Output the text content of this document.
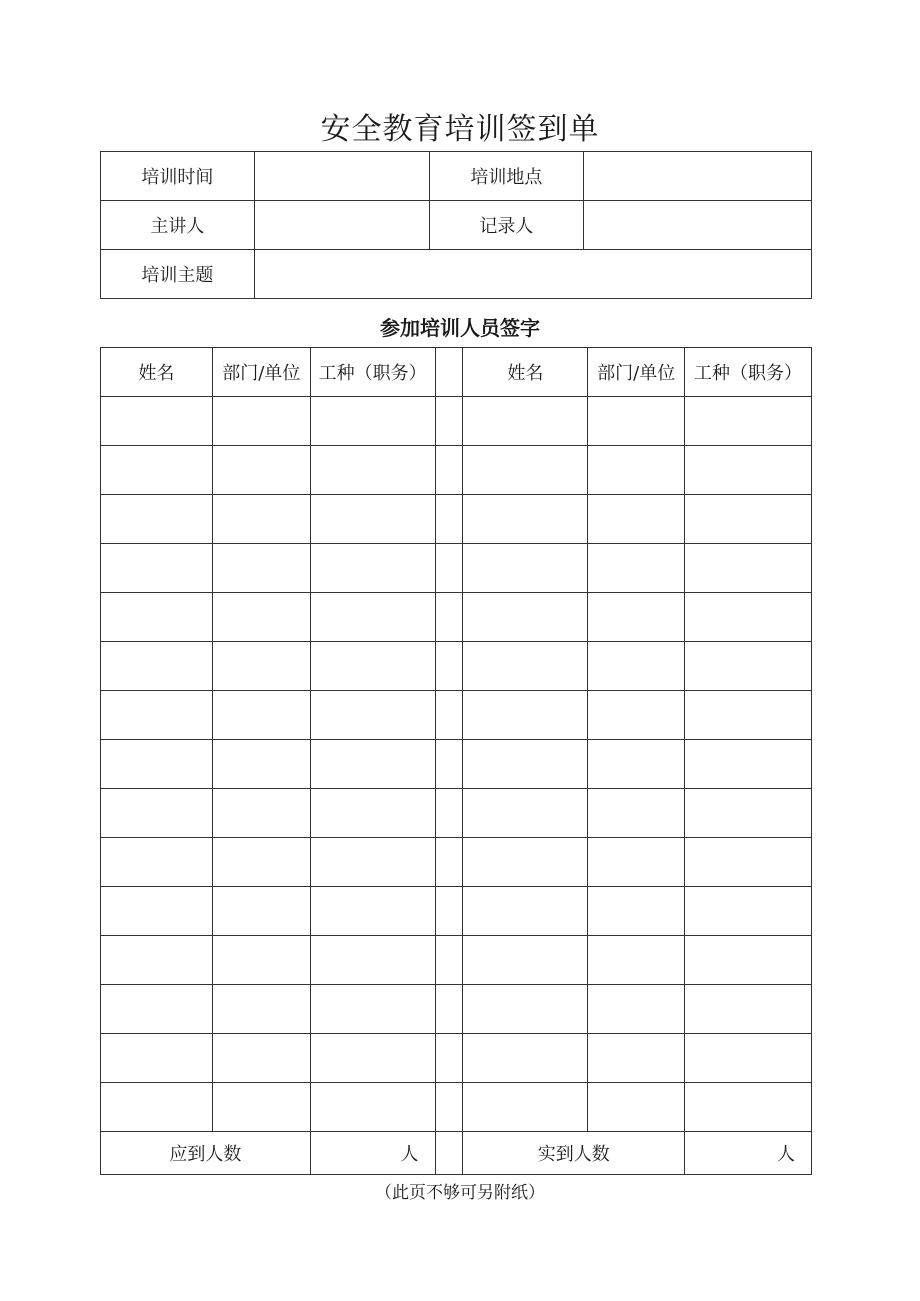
安全教育培训签到单
培训时间		培训地点	
主讲人		记录人	
培训主题			
参加培训人员签字
姓名	部门/单位	工种（职务）		姓名	部门/单位	工种（职务）

应到人数		人		实到人数		人
（此页不够可另附纸）
